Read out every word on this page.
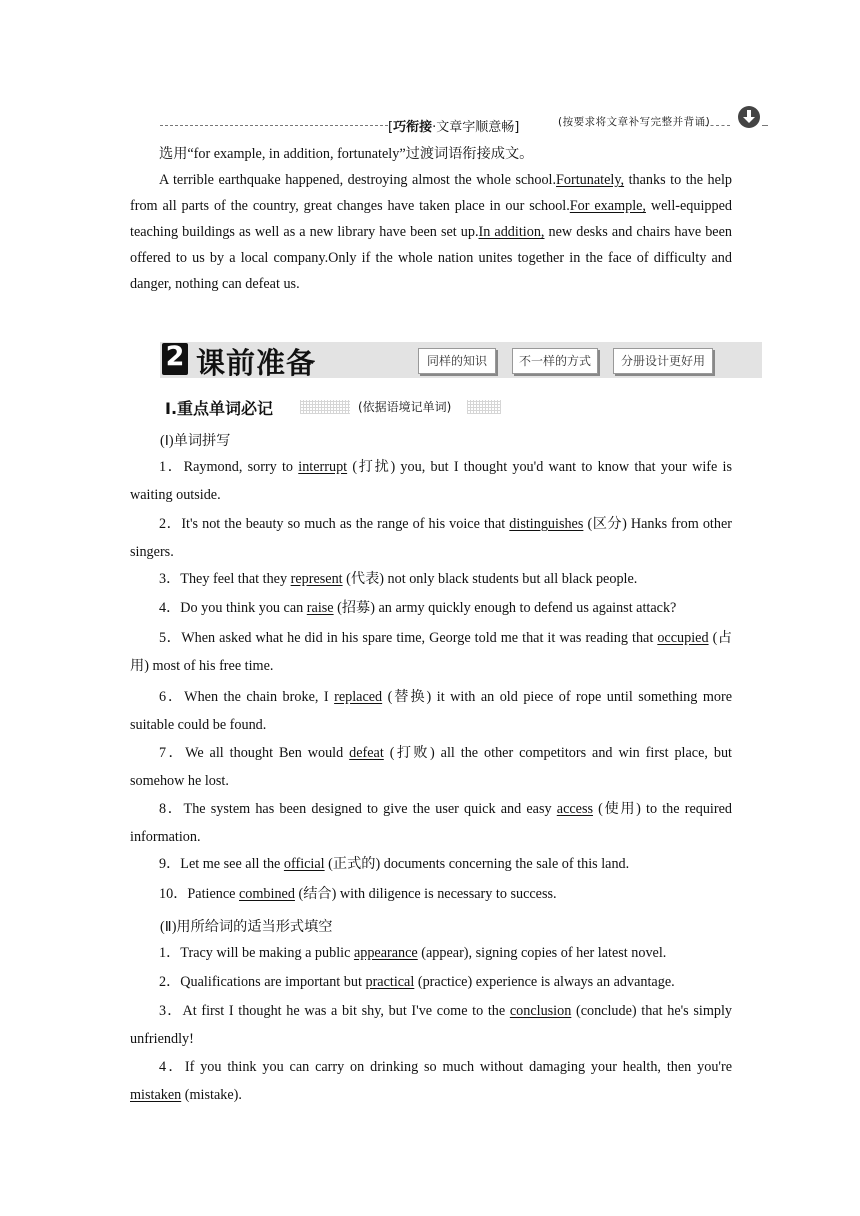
[巧衔接·文章字顺意畅]	(按要求将文章补写完整并背诵)
选用“for example, in addition, fortunately”过渡词语衔接成文。
A terrible earthquake happened, destroying almost the whole school.Fortunately, thanks to the help from all parts of the country, great changes have taken place in our school.For example, well-equipped teaching buildings as well as a new library have been set up.In addition, new desks and chairs have been offered to us by a local company.Only if the whole nation unites together in the face of difficulty and danger, nothing can defeat us.
2 课前准备	同样的知识	不一样的方式	分册设计更好用
Ⅰ.重点单词必记	(依据语境记单词)
(Ⅰ)单词拼写
1．Raymond, sorry to interrupt (打扰) you, but I thought you'd want to know that your wife is waiting outside.
2．It's not the beauty so much as the range of his voice that distinguishes (区分) Hanks from other singers.
3．They feel that they represent (代表) not only black students but all black people.
4．Do you think you can raise (招募) an army quickly enough to defend us against attack?
5．When asked what he did in his spare time, George told me that it was reading that occupied (占用) most of his free time.
6．When the chain broke, I replaced (替换) it with an old piece of rope until something more suitable could be found.
7．We all thought Ben would defeat (打败) all the other competitors and win first place, but somehow he lost.
8．The system has been designed to give the user quick and easy access (使用) to the required information.
9．Let me see all the official (正式的) documents concerning the sale of this land.
10．Patience combined (结合) with diligence is necessary to success.
(Ⅱ)用所给词的适当形式填空
1．Tracy will be making a public appearance (appear), signing copies of her latest novel.
2．Qualifications are important but practical (practice) experience is always an advantage.
3．At first I thought he was a bit shy, but I've come to the conclusion (conclude) that he's simply unfriendly!
4．If you think you can carry on drinking so much without damaging your health, then you're mistaken (mistake).
